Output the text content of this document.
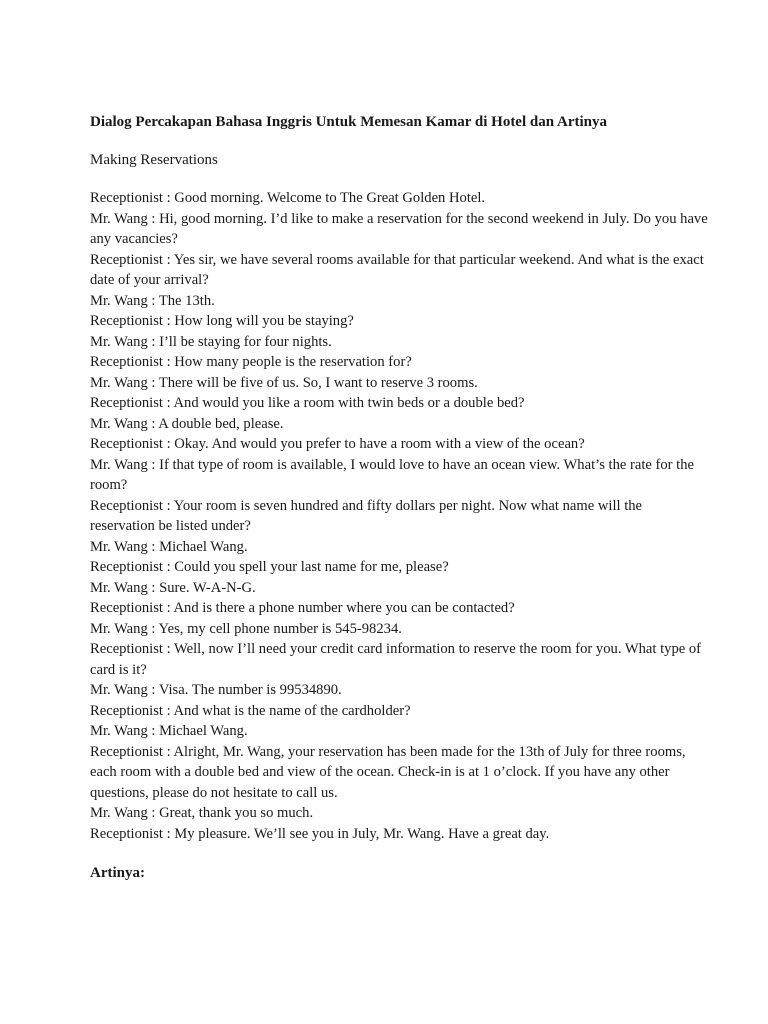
Dialog Percakapan Bahasa Inggris Untuk Memesan Kamar di Hotel dan Artinya
Making Reservations

Receptionist : Good morning. Welcome to The Great Golden Hotel.

Mr. Wang : Hi, good morning. I’d like to make a reservation for the second weekend in July. Do you have any vacancies?

Receptionist : Yes sir, we have several rooms available for that particular weekend. And what is the exact date of your arrival?

Mr. Wang : The 13th.

Receptionist : How long will you be staying?

Mr. Wang : I’ll be staying for four nights.

Receptionist : How many people is the reservation for?

Mr. Wang : There will be five of us. So, I want to reserve 3 rooms.

Receptionist : And would you like a room with twin beds or a double bed?

Mr. Wang : A double bed, please.

Receptionist : Okay. And would you prefer to have a room with a view of the ocean?

Mr. Wang : If that type of room is available, I would love to have an ocean view. What’s the rate for the room?

Receptionist : Your room is seven hundred and fifty dollars per night. Now what name will the reservation be listed under?

Mr. Wang : Michael Wang.

Receptionist : Could you spell your last name for me, please?

Mr. Wang : Sure. W-A-N-G.

Receptionist : And is there a phone number where you can be contacted?

Mr. Wang : Yes, my cell phone number is 545-98234.

Receptionist : Well, now I’ll need your credit card information to reserve the room for you. What type of card is it?

Mr. Wang : Visa. The number is 99534890.

Receptionist : And what is the name of the cardholder?

Mr. Wang : Michael Wang.

Receptionist : Alright, Mr. Wang, your reservation has been made for the 13th of July for three rooms, each room with a double bed and view of the ocean. Check-in is at 1 o’clock. If you have any other questions, please do not hesitate to call us.

Mr. Wang : Great, thank you so much.

Receptionist : My pleasure. We’ll see you in July, Mr. Wang. Have a great day.

Artinya:
